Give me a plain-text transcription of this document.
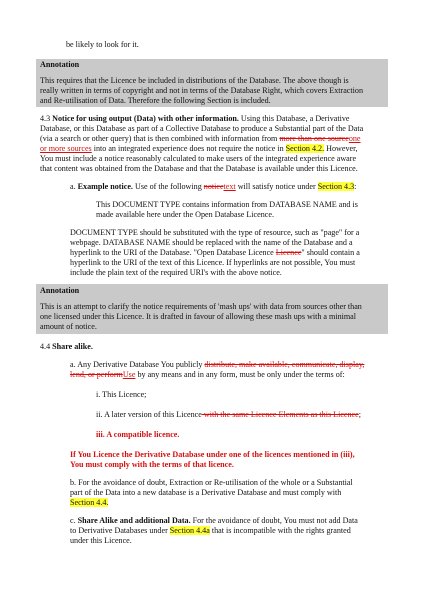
be likely to look for it.

Annotation

This requires that the Licence be included in distributions of the Database. The above though is

really written in terms of copyright and not in terms of the Database Right, which covers Extraction

and Re-utilisation of Data. Therefore the following Section is included.

4.3 Notice for using output (Data) with other information. Using this Database, a Derivative

Database, or this Database as part of a Collective Database to produce a Substantial part of the Data

(via a search or other query) that is then combined with information from more than one sourceone

or more sources into an integrated experience does not require the notice in Section 4.2. However,

You must include a notice reasonably calculated to make users of the integrated experience aware

that content was obtained from the Database and that the Database is available under this Licence.

a. Example notice. Use of the following noticetext will satisfy notice under Section 4.3:

This DOCUMENT TYPE contains information from DATABASE NAME and is

made available here under the Open Database Licence.

DOCUMENT TYPE should be substituted with the type of resource, such as "page" for a

webpage. DATABASE NAME should be replaced with the name of the Database and a

hyperlink to the URI of the Database. "Open Database Licence Licence" should contain a

hyperlink to the URI of the text of this Licence. If hyperlinks are not possible, You must

include the plain text of the required URI's with the above notice.

Annotation

This is an attempt to clarify the notice requirements of 'mash ups' with data from sources other than

one licensed under this Licence. It is drafted in favour of allowing these mash ups with a minimal

amount of notice.

4.4 Share alike.

a. Any Derivative Database You publicly distribute, make available, communicate, display,

lend, or performUse by any means and in any form, must be only under the terms of:

i. This Licence;

ii. A later version of this Licence with the same Licence Elements as this Licence;

iii. A compatible licence.

If You Licence the Derivative Database under one of the licences mentioned in (iii),

You must comply with the terms of that licence.

b. For the avoidance of doubt, Extraction or Re-utilisation of the whole or a Substantial

part of the Data into a new database is a Derivative Database and must comply with

Section 4.4.

c. Share Alike and additional Data. For the avoidance of doubt, You must not add Data

to Derivative Databases under Section 4.4a that is incompatible with the rights granted

under this Licence.
